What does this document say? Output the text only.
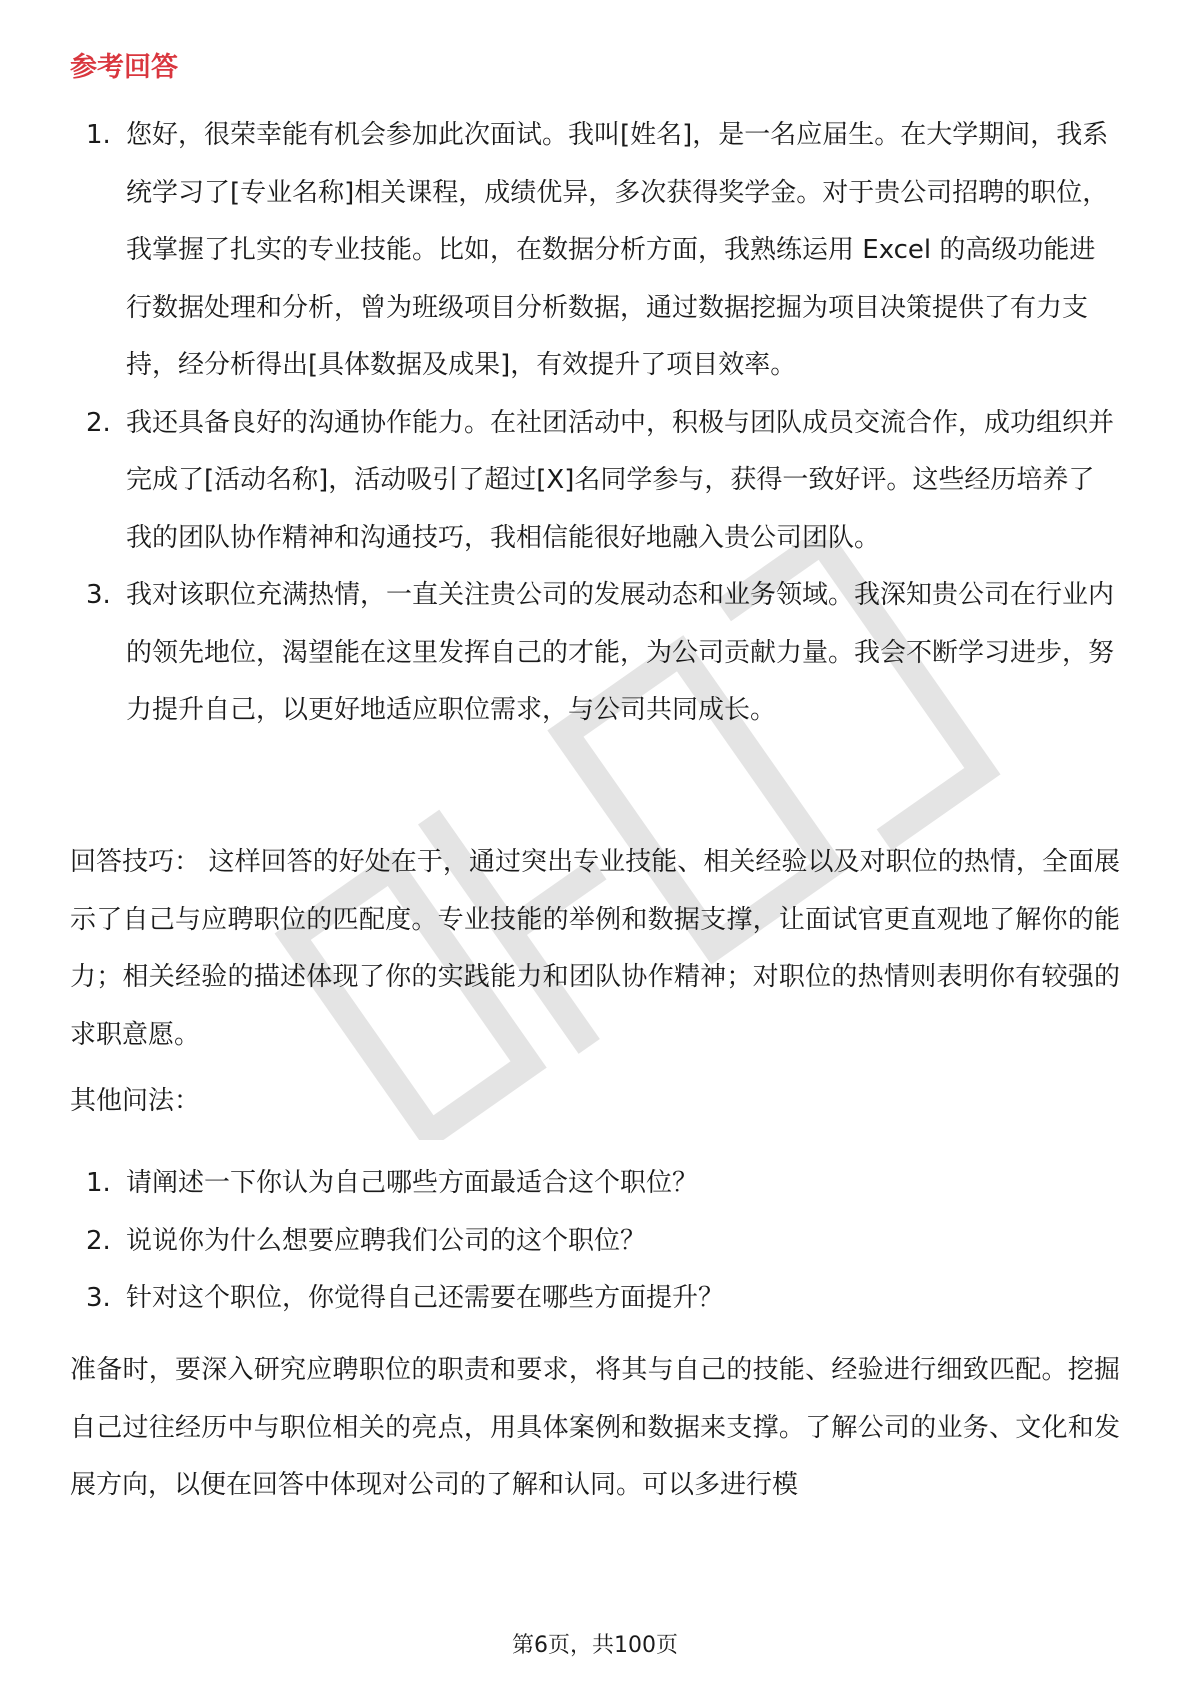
参考回答
1. 您好，很荣幸能有机会参加此次面试。我叫[姓名]，是一名应届生。在大学期间，我系统学习了[专业名称]相关课程，成绩优异，多次获得奖学金。对于贵公司招聘的职位，我掌握了扎实的专业技能。比如，在数据分析方面，我熟练运用 Excel 的高级功能进行数据处理和分析，曾为班级项目分析数据，通过数据挖掘为项目决策提供了有力支持，经分析得出[具体数据及成果]，有效提升了项目效率。
2. 我还具备良好的沟通协作能力。在社团活动中，积极与团队成员交流合作，成功组织并完成了[活动名称]，活动吸引了超过[X]名同学参与，获得一致好评。这些经历培养了我的团队协作精神和沟通技巧，我相信能很好地融入贵公司团队。
3. 我对该职位充满热情，一直关注贵公司的发展动态和业务领域。我深知贵公司在行业内的领先地位，渴望能在这里发挥自己的才能，为公司贡献力量。我会不断学习进步，努力提升自己，以更好地适应职位需求，与公司共同成长。

回答技巧： 这样回答的好处在于，通过突出专业技能、相关经验以及对职位的热情，全面展示了自己与应聘职位的匹配度。专业技能的举例和数据支撑，让面试官更直观地了解你的能力；相关经验的描述体现了你的实践能力和团队协作精神；对职位的热情则表明你有较强的求职意愿。

其他问法：

1. 请阐述一下你认为自己哪些方面最适合这个职位？
2. 说说你为什么想要应聘我们公司的这个职位？
3. 针对这个职位，你觉得自己还需要在哪些方面提升？

准备时，要深入研究应聘职位的职责和要求，将其与自己的技能、经验进行细致匹配。挖掘自己过往经历中与职位相关的亮点，用具体案例和数据来支撑。了解公司的业务、文化和发展方向，以便在回答中体现对公司的了解和认同。可以多进行模

第6页，共100页
